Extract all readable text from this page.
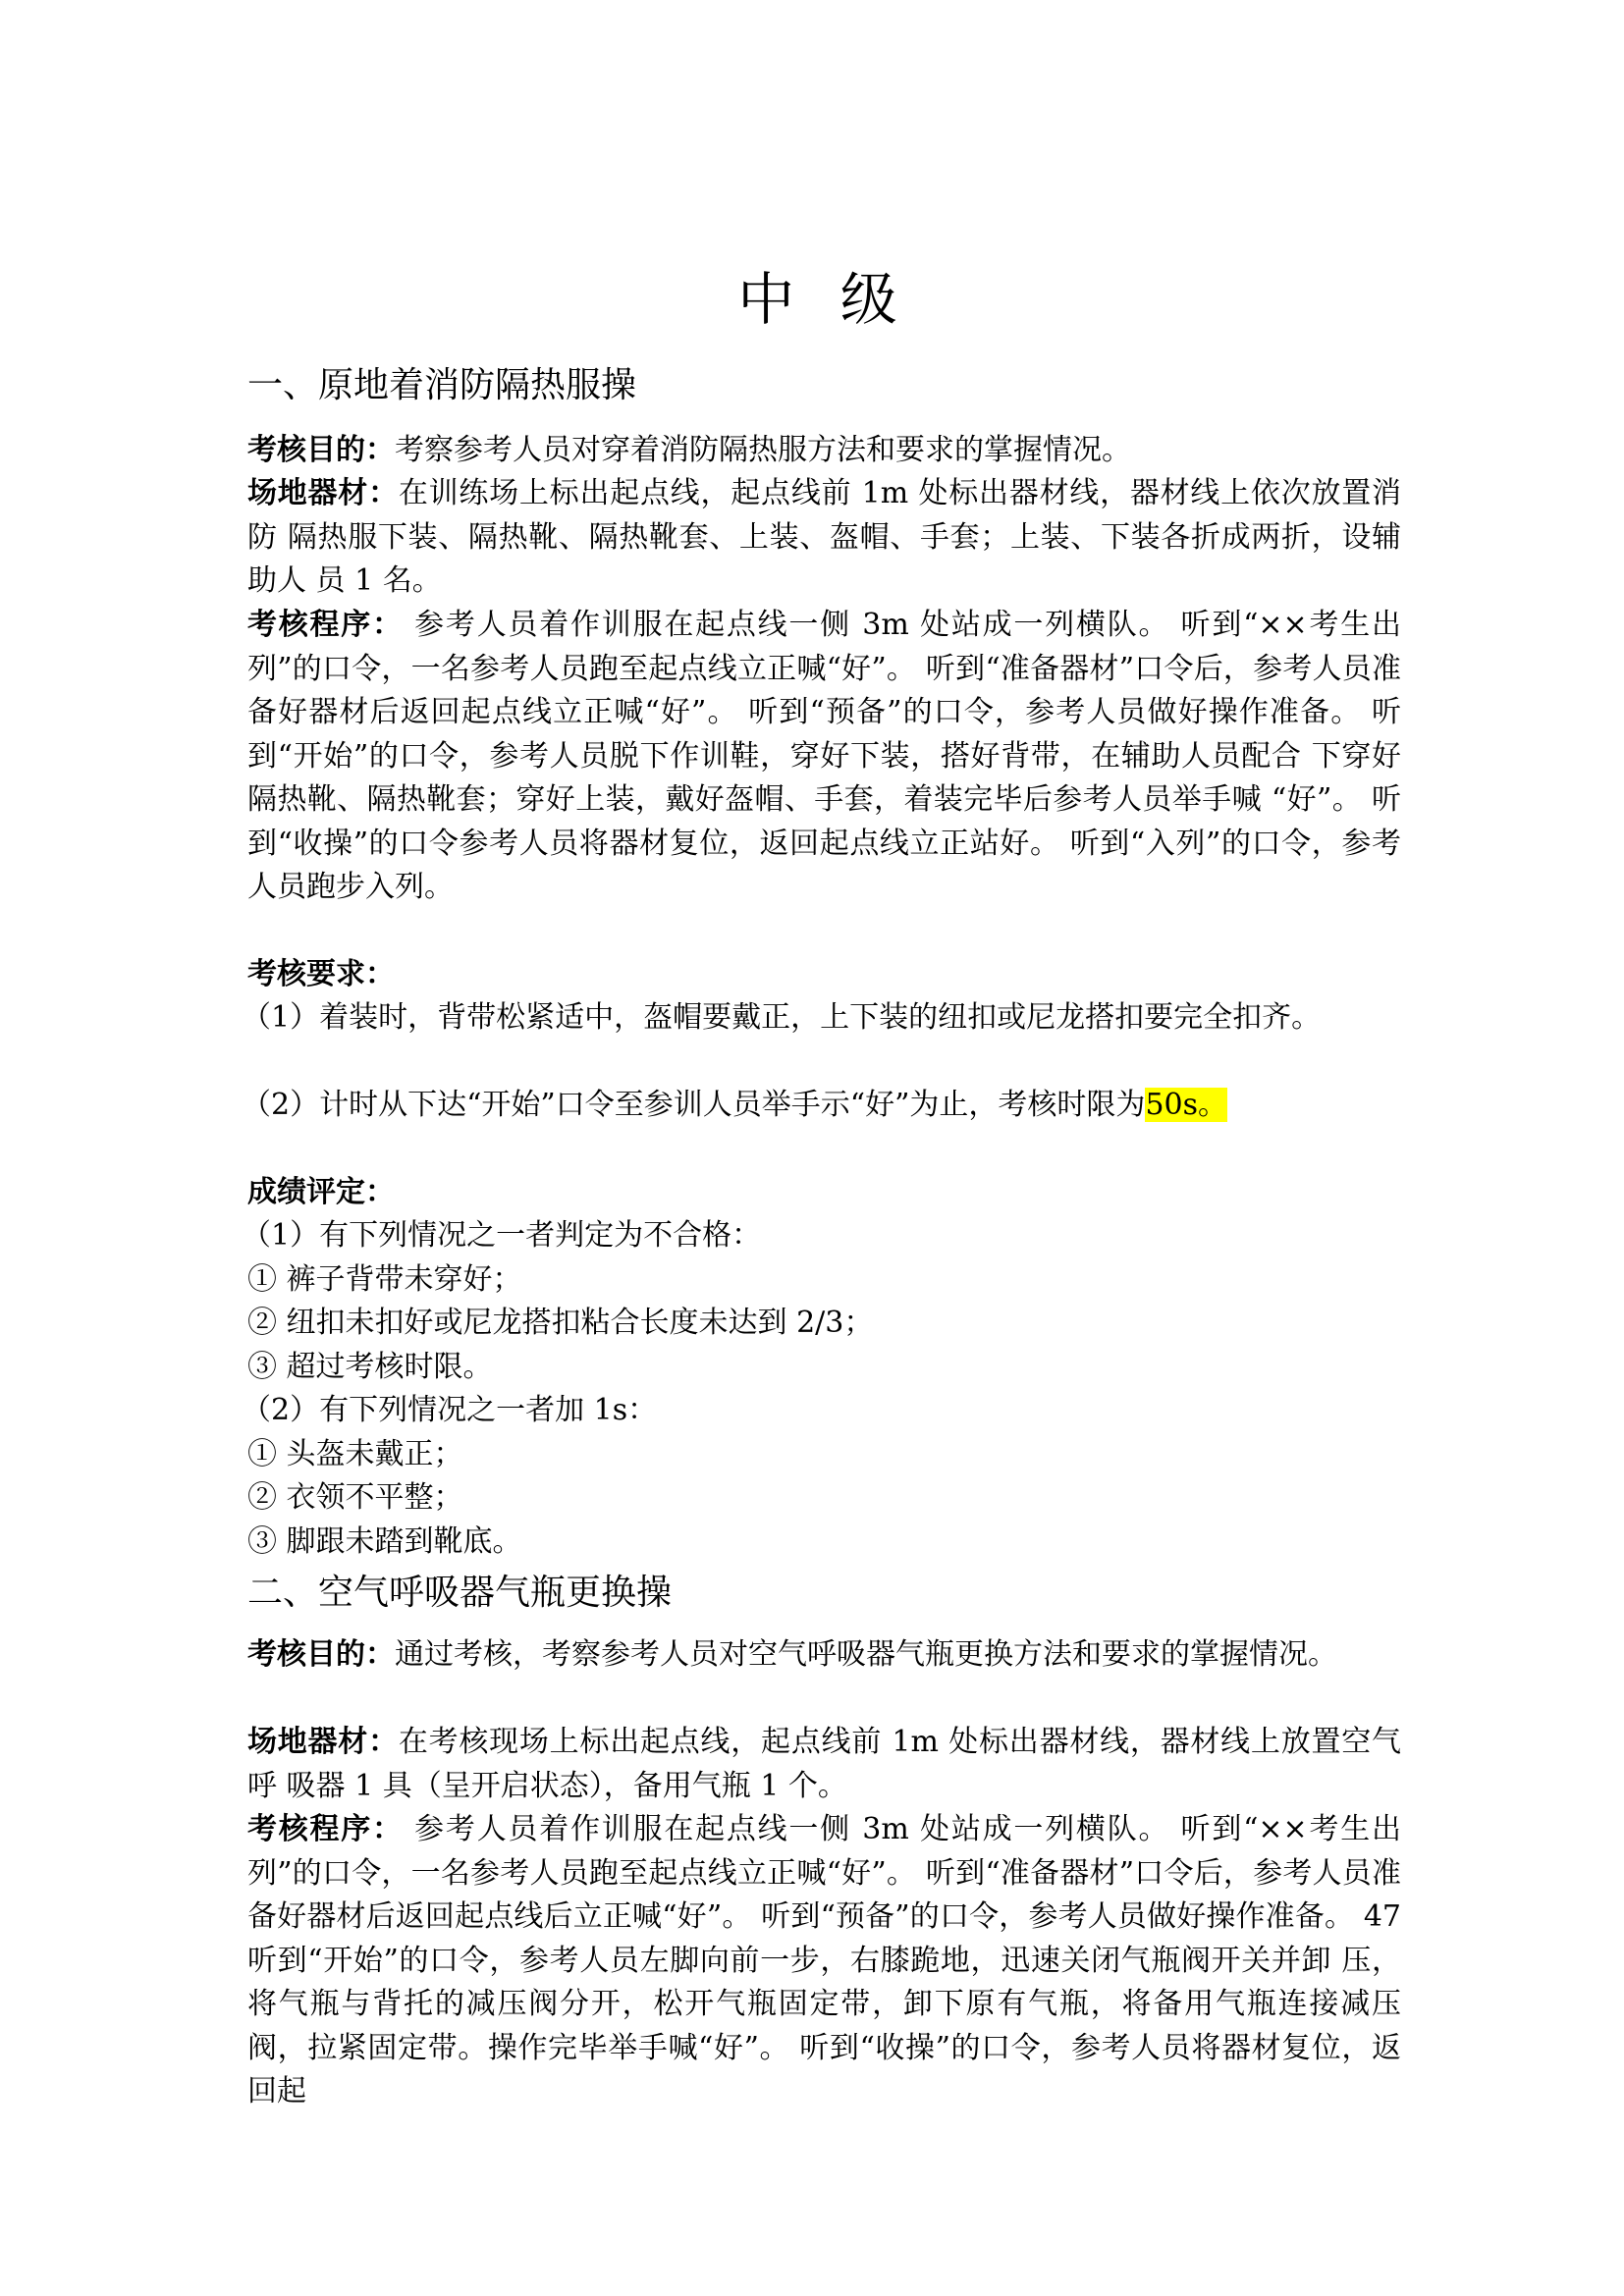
中 级
一、原地着消防隔热服操

考核目的：考察参考人员对穿着消防隔热服方法和要求的掌握情况。

场地器材：在训练场上标出起点线，起点线前 1m 处标出器材线，器材线上依次放置消防 隔热服下装、隔热靴、隔热靴套、上装、盔帽、手套；上装、下装各折成两折，设辅助人 员 1 名。

考核程序： 参考人员着作训服在起点线一侧 3m 处站成一列横队。 听到“××考生出列”的口令，一名参考人员跑至起点线立正喊“好”。 听到“准备器材”口令后，参考人员准备好器材后返回起点线立正喊“好”。 听到“预备”的口令，参考人员做好操作准备。 听到“开始”的口令，参考人员脱下作训鞋，穿好下装，搭好背带，在辅助人员配合 下穿好隔热靴、隔热靴套；穿好上装，戴好盔帽、手套，着装完毕后参考人员举手喊 “好”。 听到“收操”的口令参考人员将器材复位，返回起点线立正站好。 听到“入列”的口令，参考人员跑步入列。

考核要求：

（1）着装时，背带松紧适中，盔帽要戴正，上下装的纽扣或尼龙搭扣要完全扣齐。

（2）计时从下达“开始”口令至参训人员举手示“好”为止，考核时限为50s。

成绩评定：

（1）有下列情况之一者判定为不合格：

① 裤子背带未穿好；

② 纽扣未扣好或尼龙搭扣粘合长度未达到 2/3；

③ 超过考核时限。

（2）有下列情况之一者加 1s：

① 头盔未戴正；

② 衣领不平整；

③ 脚跟未踏到靴底。

二、空气呼吸器气瓶更换操

考核目的：通过考核，考察参考人员对空气呼吸器气瓶更换方法和要求的掌握情况。

场地器材：在考核现场上标出起点线，起点线前 1m 处标出器材线，器材线上放置空气呼 吸器 1 具（呈开启状态），备用气瓶 1 个。

考核程序： 参考人员着作训服在起点线一侧 3m 处站成一列横队。 听到“××考生出列”的口令，一名参考人员跑至起点线立正喊“好”。 听到“准备器材”口令后，参考人员准备好器材后返回起点线后立正喊“好”。 听到“预备”的口令，参考人员做好操作准备。 47 听到“开始”的口令，参考人员左脚向前一步，右膝跪地，迅速关闭气瓶阀开关并卸 压，将气瓶与背托的减压阀分开，松开气瓶固定带，卸下原有气瓶，将备用气瓶连接减压 阀，拉紧固定带。操作完毕举手喊“好”。 听到“收操”的口令，参考人员将器材复位，返回起
